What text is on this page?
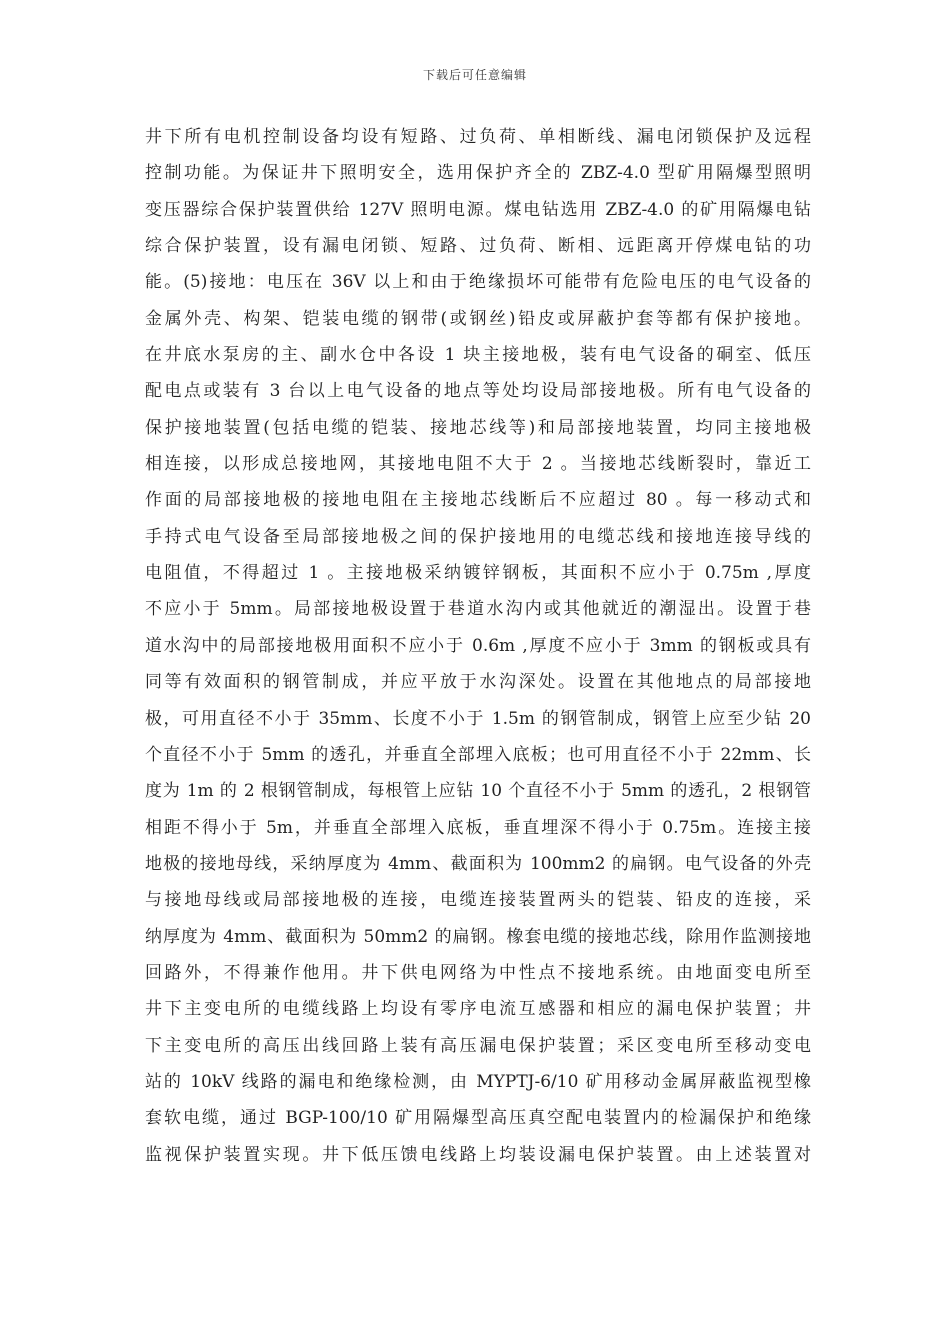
下载后可任意编辑
井下所有电机控制设备均设有短路、过负荷、单相断线、漏电闭锁保护及远程
控制功能。为保证井下照明安全，选用保护齐全的 ZBZ-4.0 型矿用隔爆型照明
变压器综合保护装置供给 127V 照明电源。煤电钻选用 ZBZ-4.0 的矿用隔爆电钻
综合保护装置，设有漏电闭锁、短路、过负荷、断相、远距离开停煤电钻的功
能。(5)接地：电压在 36V 以上和由于绝缘损坏可能带有危险电压的电气设备的
金属外壳、构架、铠装电缆的钢带(或钢丝)铅皮或屏蔽护套等都有保护接地。
在井底水泵房的主、副水仓中各设 1 块主接地极，装有电气设备的硐室、低压
配电点或装有 3 台以上电气设备的地点等处均设局部接地极。所有电气设备的
保护接地装置(包括电缆的铠装、接地芯线等)和局部接地装置，均同主接地极
相连接，以形成总接地网，其接地电阻不大于 2 。当接地芯线断裂时，靠近工
作面的局部接地极的接地电阻在主接地芯线断后不应超过 80 。每一移动式和
手持式电气设备至局部接地极之间的保护接地用的电缆芯线和接地连接导线的
电阻值，不得超过 1 。主接地极采纳镀锌钢板，其面积不应小于 0.75m ,厚度
不应小于 5mm。局部接地极设置于巷道水沟内或其他就近的潮湿出。设置于巷
道水沟中的局部接地极用面积不应小于 0.6m ,厚度不应小于 3mm 的钢板或具有
同等有效面积的钢管制成，并应平放于水沟深处。设置在其他地点的局部接地
极，可用直径不小于 35mm、长度不小于 1.5m 的钢管制成，钢管上应至少钻 20
个直径不小于 5mm 的透孔，并垂直全部埋入底板；也可用直径不小于 22mm、长
度为 1m 的 2 根钢管制成，每根管上应钻 10 个直径不小于 5mm 的透孔，2 根钢管
相距不得小于 5m，并垂直全部埋入底板，垂直埋深不得小于 0.75m。连接主接
地极的接地母线，采纳厚度为 4mm、截面积为 100mm2 的扁钢。电气设备的外壳
与接地母线或局部接地极的连接，电缆连接装置两头的铠装、铅皮的连接，采
纳厚度为 4mm、截面积为 50mm2 的扁钢。橡套电缆的接地芯线，除用作监测接地
回路外，不得兼作他用。井下供电网络为中性点不接地系统。由地面变电所至
井下主变电所的电缆线路上均设有零序电流互感器和相应的漏电保护装置；井
下主变电所的高压出线回路上装有高压漏电保护装置；采区变电所至移动变电
站的 10kV 线路的漏电和绝缘检测，由 MYPTJ-6/10 矿用移动金属屏蔽监视型橡
套软电缆，通过 BGP-100/10 矿用隔爆型高压真空配电装置内的检漏保护和绝缘
监视保护装置实现。井下低压馈电线路上均装设漏电保护装置。由上述装置对
